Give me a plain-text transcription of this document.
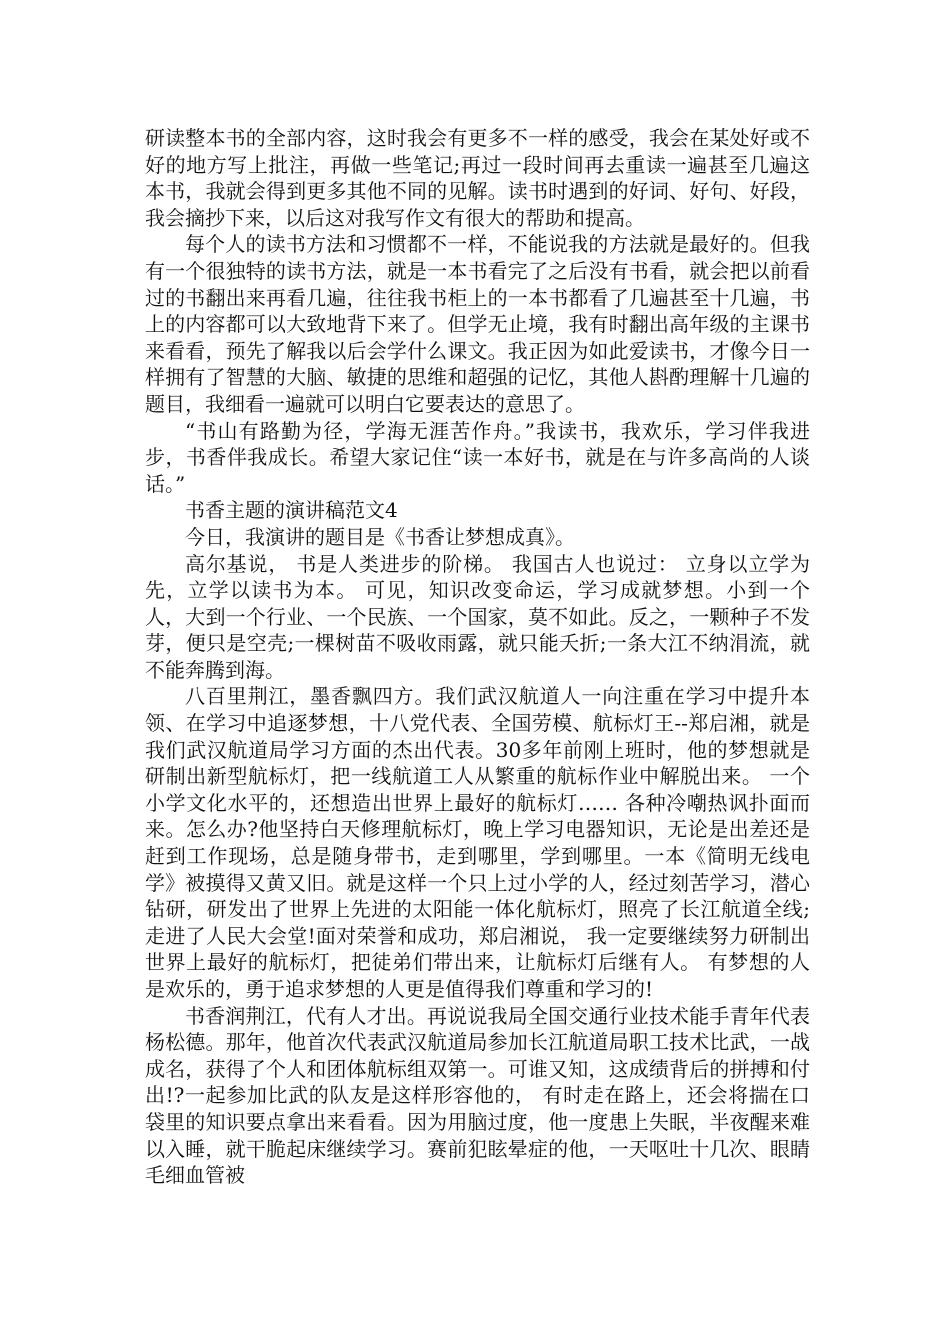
研读整本书的全部内容，这时我会有更多不一样的感受，我会在某处好或不好的地方写上批注，再做一些笔记;再过一段时间再去重读一遍甚至几遍这本书，我就会得到更多其他不同的见解。读书时遇到的好词、好句、好段，我会摘抄下来，以后这对我写作文有很大的帮助和提高。

每个人的读书方法和习惯都不一样，不能说我的方法就是最好的。但我有一个很独特的读书方法，就是一本书看完了之后没有书看，就会把以前看过的书翻出来再看几遍，往往我书柜上的一本书都看了几遍甚至十几遍，书上的内容都可以大致地背下来了。但学无止境，我有时翻出高年级的主课书来看看，预先了解我以后会学什么课文。我正因为如此爱读书，才像今日一样拥有了智慧的大脑、敏捷的思维和超强的记忆，其他人斟酌理解十几遍的题目，我细看一遍就可以明白它要表达的意思了。

“书山有路勤为径，学海无涯苦作舟。”我读书，我欢乐，学习伴我进步，书香伴我成长。希望大家记住“读一本好书，就是在与许多高尚的人谈话。”

书香主题的演讲稿范文4

今日，我演讲的题目是《书香让梦想成真》。

高尔基说， 书是人类进步的阶梯。 我国古人也说过： 立身以立学为先，立学以读书为本。 可见，知识改变命运，学习成就梦想。小到一个人，大到一个行业、一个民族、一个国家，莫不如此。反之，一颗种子不发芽，便只是空壳;一棵树苗不吸收雨露，就只能夭折;一条大江不纳涓流，就不能奔腾到海。

八百里荆江，墨香飘四方。我们武汉航道人一向注重在学习中提升本领、在学习中追逐梦想，十八党代表、全国劳模、航标灯王--郑启湘，就是我们武汉航道局学习方面的杰出代表。30多年前刚上班时，他的梦想就是研制出新型航标灯，把一线航道工人从繁重的航标作业中解脱出来。 一个小学文化水平的，还想造出世界上最好的航标灯…… 各种冷嘲热讽扑面而来。怎么办?他坚持白天修理航标灯，晚上学习电器知识，无论是出差还是赶到工作现场，总是随身带书，走到哪里，学到哪里。一本《简明无线电学》被摸得又黄又旧。就是这样一个只上过小学的人，经过刻苦学习，潜心钻研，研发出了世界上先进的太阳能一体化航标灯，照亮了长江航道全线;走进了人民大会堂!面对荣誉和成功，郑启湘说， 我一定要继续努力研制出世界上最好的航标灯，把徒弟们带出来，让航标灯后继有人。 有梦想的人是欢乐的，勇于追求梦想的人更是值得我们尊重和学习的!

书香润荆江，代有人才出。再说说我局全国交通行业技术能手青年代表杨松德。那年，他首次代表武汉航道局参加长江航道局职工技术比武，一战成名，获得了个人和团体航标组双第一。可谁又知，这成绩背后的拼搏和付出!?一起参加比武的队友是这样形容他的， 有时走在路上，还会将揣在口袋里的知识要点拿出来看看。因为用脑过度，他一度患上失眠，半夜醒来难以入睡，就干脆起床继续学习。赛前犯眩晕症的他，一天呕吐十几次、眼睛毛细血管被
